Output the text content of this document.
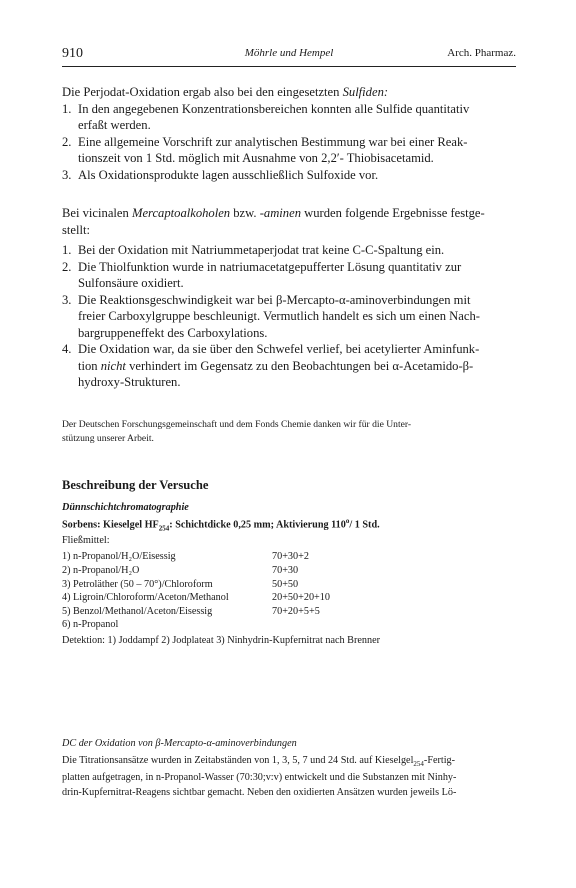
910	Möhrle und Hempel	Arch. Pharmaz.

Die Perjodat-Oxidation ergab also bei den eingesetzten Sulfiden:

1. In den angegebenen Konzentrationsbereichen konnten alle Sulfide quantitativ
erfaßt werden.
2. Eine allgemeine Vorschrift zur analytischen Bestimmung war bei einer Reak-
tionszeit von 1 Std. möglich mit Ausnahme von 2,2′- Thiobisacetamid.
3. Als Oxidationsprodukte lagen ausschließlich Sulfoxide vor.

Bei vicinalen Mercaptoalkoholen bzw. -aminen wurden folgende Ergebnisse festge-
stellt:

1. Bei der Oxidation mit Natriummetaperjodat trat keine C-C-Spaltung ein.
2. Die Thiolfunktion wurde in natriumacetatgepufferter Lösung quantitativ zur
Sulfonsäure oxidiert.
3. Die Reaktionsgeschwindigkeit war bei β-Mercapto-α-aminoverbindungen mit
freier Carboxylgruppe beschleunigt. Vermutlich handelt es sich um einen Nach-
bargruppeneffekt des Carboxylations.
4. Die Oxidation war, da sie über den Schwefel verlief, bei acetylierter Aminfunk-
tion nicht verhindert im Gegensatz zu den Beobachtungen bei α-Acetamido-β-
hydroxy-Strukturen.

Der Deutschen Forschungsgemeinschaft und dem Fonds Chemie danken wir für die Unter-
stützung unserer Arbeit.

Beschreibung der Versuche

Dünnschichtchromatographie

Sorbens: Kieselgel $HF_{254}$: Schichtdicke 0,25 mm; Aktivierung 110$^o$/ 1 Std.

Fließmittel:

1) n-Propanol/H₂O/Eisessig	70+30+2
2) n-Propanol/H₂O	70+30
3) Petroläther (50 – 70°)/Chloroform	50+50
4) Ligroin/Chloroform/Aceton/Methanol	20+50+20+10
5) Benzol/Methanol/Aceton/Eisessig	70+20+5+5
6) n-Propanol	

Detektion: 1) Joddampf 2) Jodplateat 3) Ninhydrin-Kupfernitrat nach Brenner

DC der Oxidation von β-Mercapto-α-aminoverbindungen

Die Titrationsansätze wurden in Zeitabständen von 1, 3, 5, 7 und 24 Std. auf Kieselgel$_{254}$-Fertig-
platten aufgetragen, in n-Propanol-Wasser (70:30;v:v) entwickelt und die Substanzen mit Ninhy-
drin-Kupfernitrat-Reagens sichtbar gemacht. Neben den oxidierten Ansätzen wurden jeweils Lö-
